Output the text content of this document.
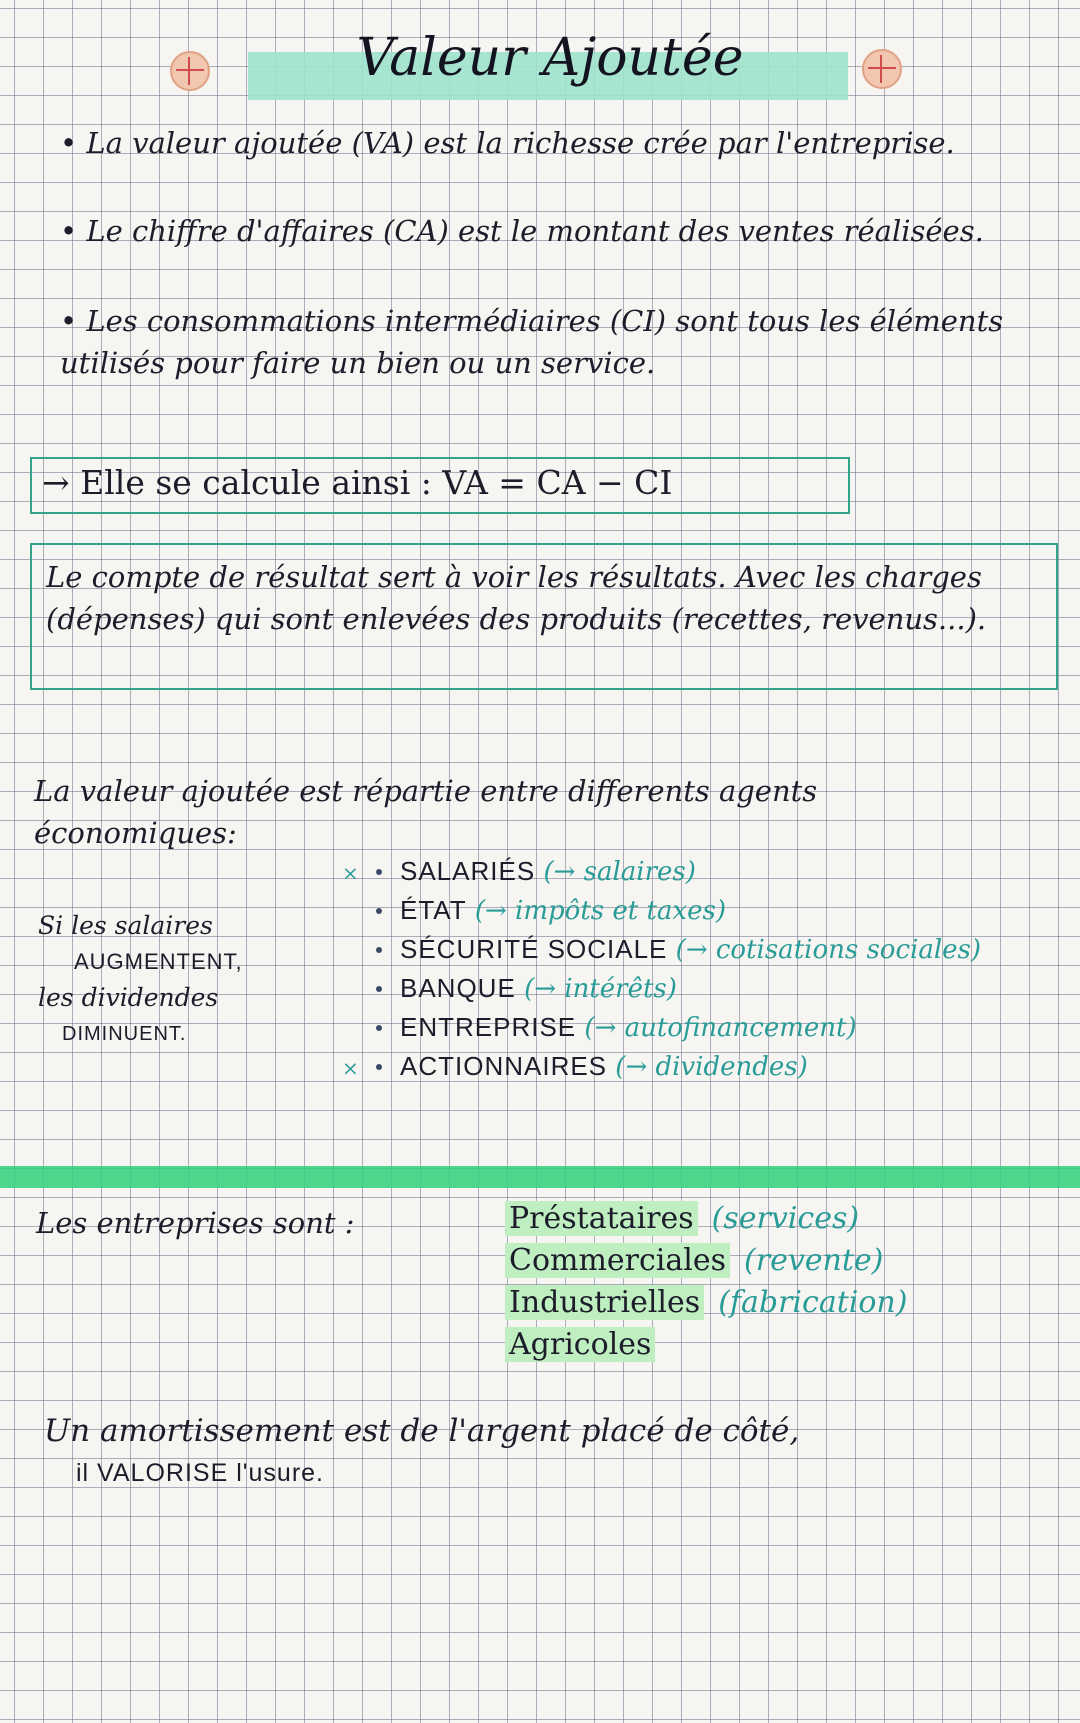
Valeur Ajoutée
• La valeur ajoutée (VA) est la richesse crée par l'entreprise.
• Le chiffre d'affaires (CA) est le montant des ventes réalisées.
• Les consommations intermédiaires (CI) sont tous les éléments utilisés pour faire un bien ou un service.
→ Elle se calcule ainsi : VA = CA − CI
Le compte de résultat sert à voir les résultats. Avec les charges (dépenses) qui sont enlevées des produits (recettes, revenus...).
La valeur ajoutée est répartie entre differents agents économiques:
Si les salaires
AUGMENTENT,
les dividendes
DIMINUENT.
× SALARIÉS (→ salaires)
ÉTAT (→ impôts et taxes)
SÉCURITÉ SOCIALE (→ cotisations sociales)
BANQUE (→ intérêts)
ENTREPRISE (→ autofinancement)
× ACTIONNAIRES (→ dividendes)
Les entreprises sont :	Préstataires (services)
Commerciales (revente)
Industrielles (fabrication)
Agricoles
Un amortissement est de l'argent placé de côté,
il VALORISE l'usure.
